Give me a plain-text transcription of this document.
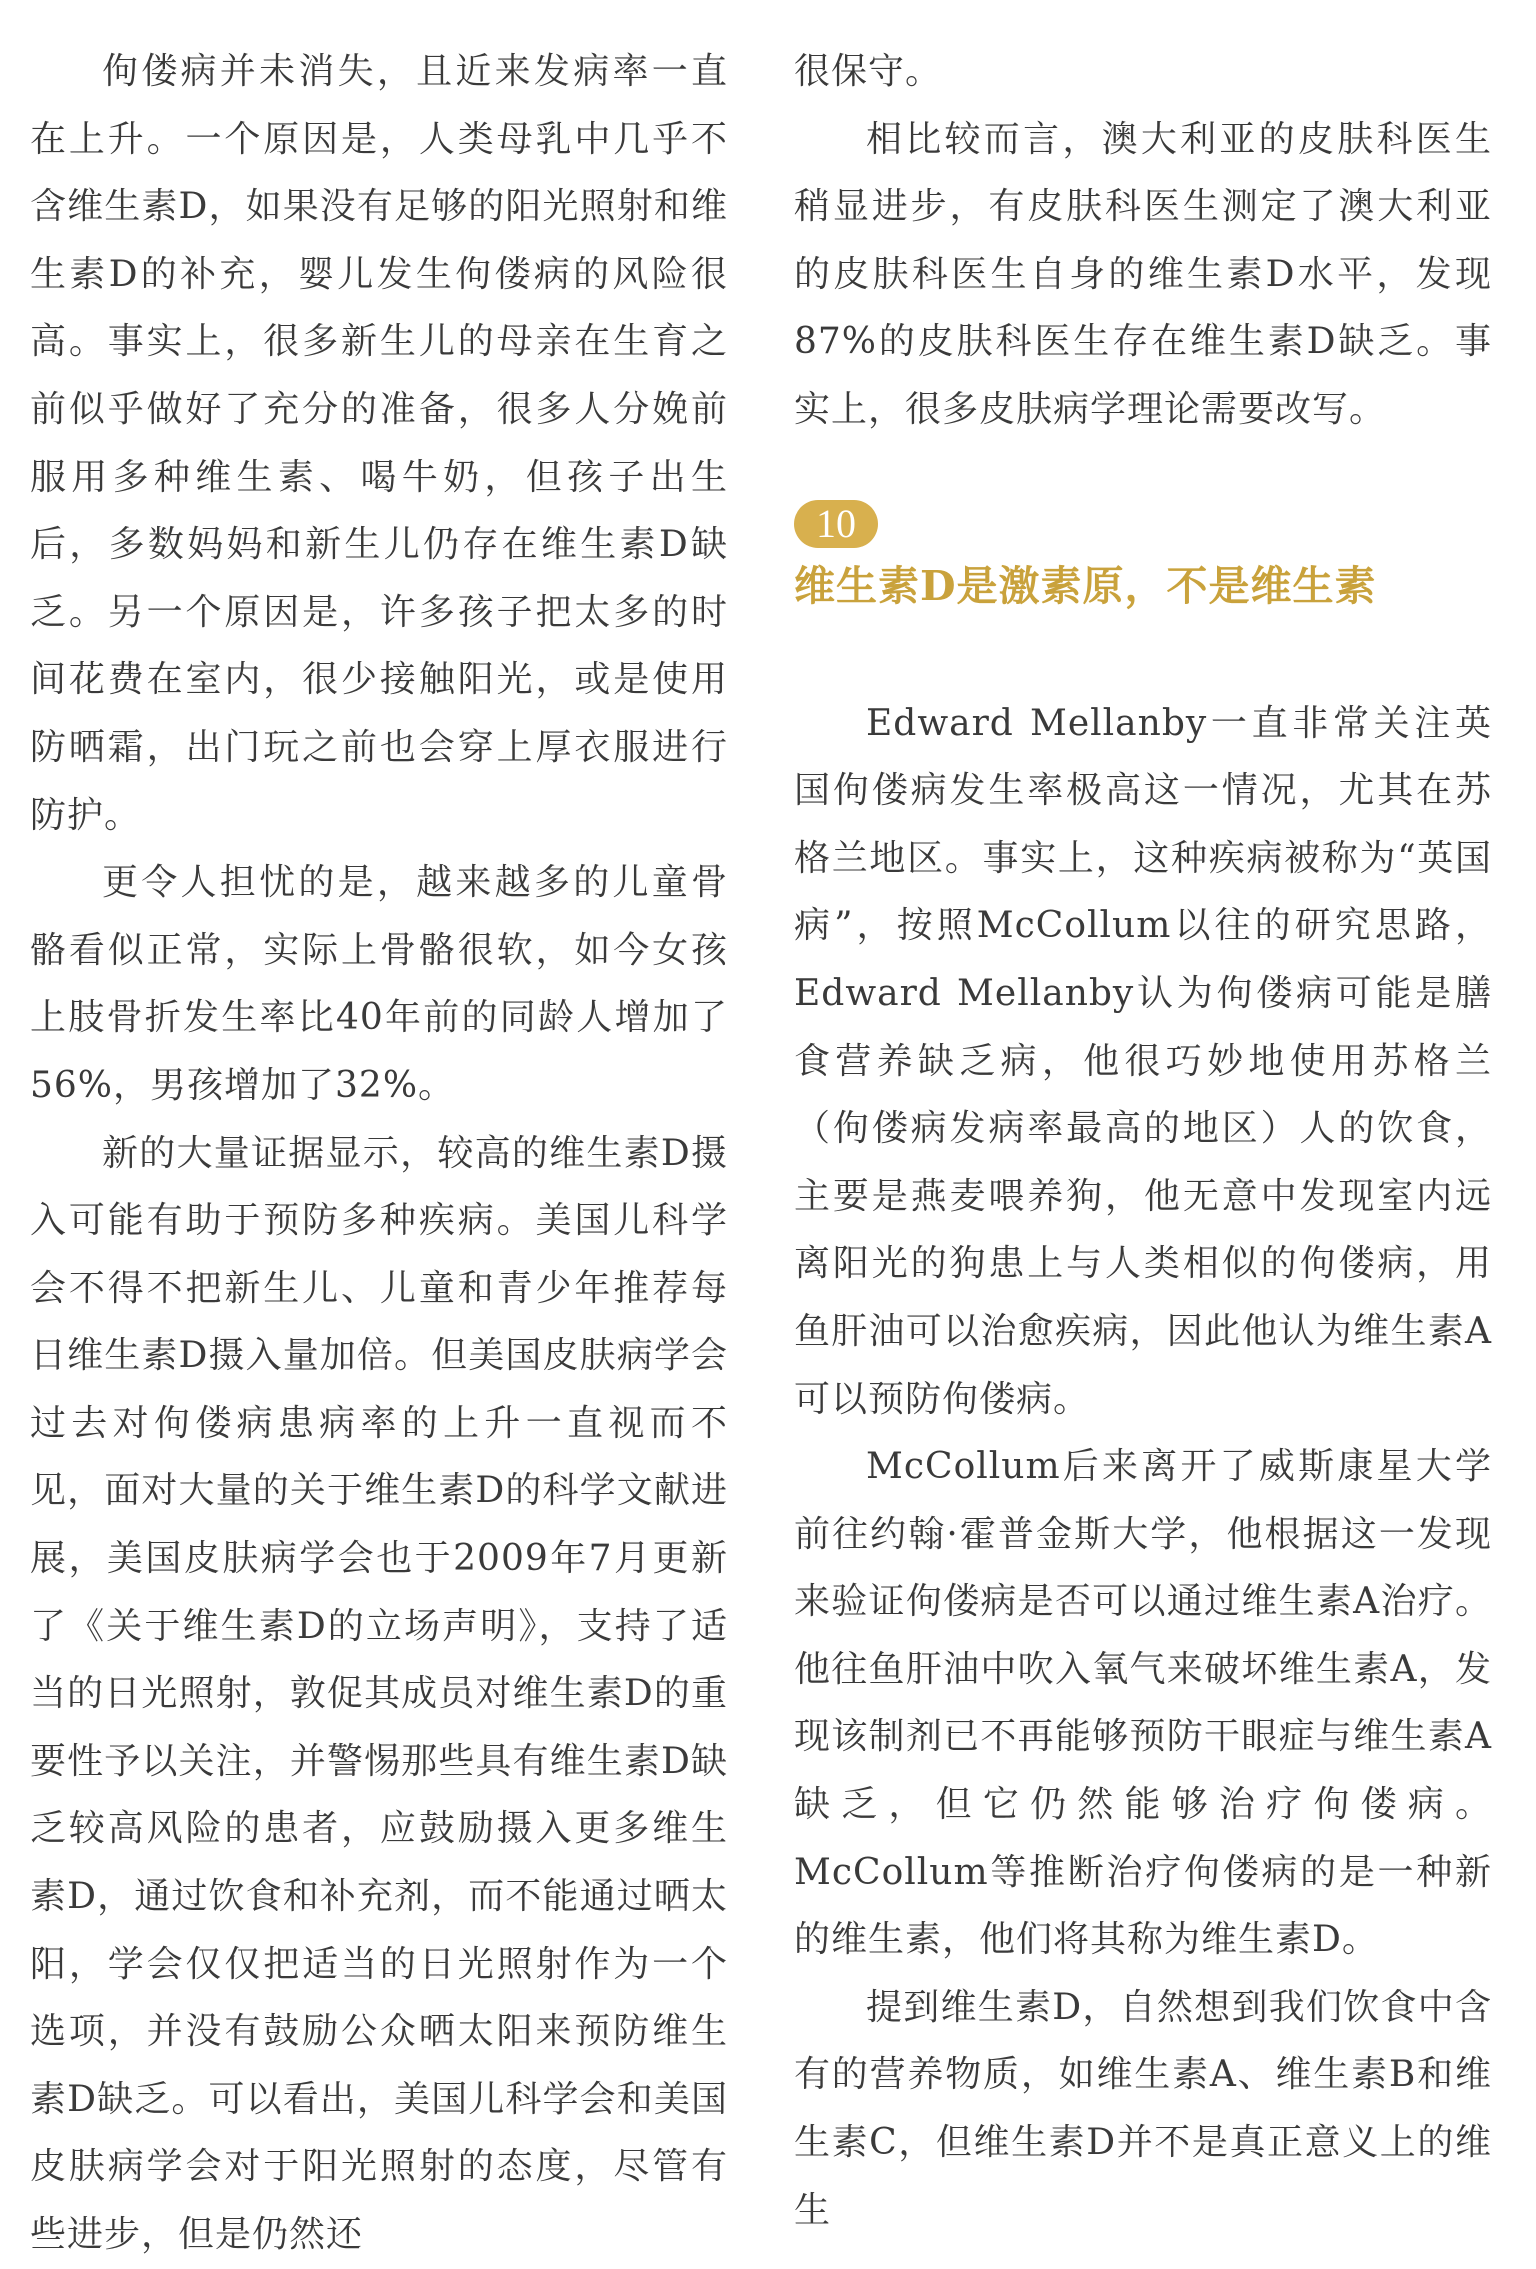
佝偻病并未消失，且近来发病率一直在上升。一个原因是，人类母乳中几乎不含维生素D，如果没有足够的阳光照射和维生素D的补充，婴儿发生佝偻病的风险很高。事实上，很多新生儿的母亲在生育之前似乎做好了充分的准备，很多人分娩前服用多种维生素、喝牛奶，但孩子出生后，多数妈妈和新生儿仍存在维生素D缺乏。另一个原因是，许多孩子把太多的时间花费在室内，很少接触阳光，或是使用防晒霜，出门玩之前也会穿上厚衣服进行防护。

更令人担忧的是，越来越多的儿童骨骼看似正常，实际上骨骼很软，如今女孩上肢骨折发生率比40年前的同龄人增加了56%，男孩增加了32%。

新的大量证据显示，较高的维生素D摄入可能有助于预防多种疾病。美国儿科学会不得不把新生儿、儿童和青少年推荐每日维生素D摄入量加倍。但美国皮肤病学会过去对佝偻病患病率的上升一直视而不见，面对大量的关于维生素D的科学文献进展，美国皮肤病学会也于2009年7月更新了《关于维生素D的立场声明》，支持了适当的日光照射，敦促其成员对维生素D的重要性予以关注，并警惕那些具有维生素D缺乏较高风险的患者，应鼓励摄入更多维生素D，通过饮食和补充剂，而不能通过晒太阳，学会仅仅把适当的日光照射作为一个选项，并没有鼓励公众晒太阳来预防维生素D缺乏。可以看出，美国儿科学会和美国皮肤病学会对于阳光照射的态度，尽管有些进步，但是仍然还

很保守。

相比较而言，澳大利亚的皮肤科医生稍显进步，有皮肤科医生测定了澳大利亚的皮肤科医生自身的维生素D水平，发现87%的皮肤科医生存在维生素D缺乏。事实上，很多皮肤病学理论需要改写。

10
维生素D是激素原，不是维生素

Edward Mellanby一直非常关注英国佝偻病发生率极高这一情况，尤其在苏格兰地区。事实上，这种疾病被称为“英国病”，按照McCollum以往的研究思路，Edward Mellanby认为佝偻病可能是膳食营养缺乏病，他很巧妙地使用苏格兰（佝偻病发病率最高的地区）人的饮食，主要是燕麦喂养狗，他无意中发现室内远离阳光的狗患上与人类相似的佝偻病，用鱼肝油可以治愈疾病，因此他认为维生素A可以预防佝偻病。

McCollum后来离开了威斯康星大学前往约翰·霍普金斯大学，他根据这一发现来验证佝偻病是否可以通过维生素A治疗。他往鱼肝油中吹入氧气来破坏维生素A，发现该制剂已不再能够预防干眼症与维生素A缺乏，但它仍然能够治疗佝偻病。McCollum等推断治疗佝偻病的是一种新的维生素，他们将其称为维生素D。

提到维生素D，自然想到我们饮食中含有的营养物质，如维生素A、维生素B和维生素C，但维生素D并不是真正意义上的维生
